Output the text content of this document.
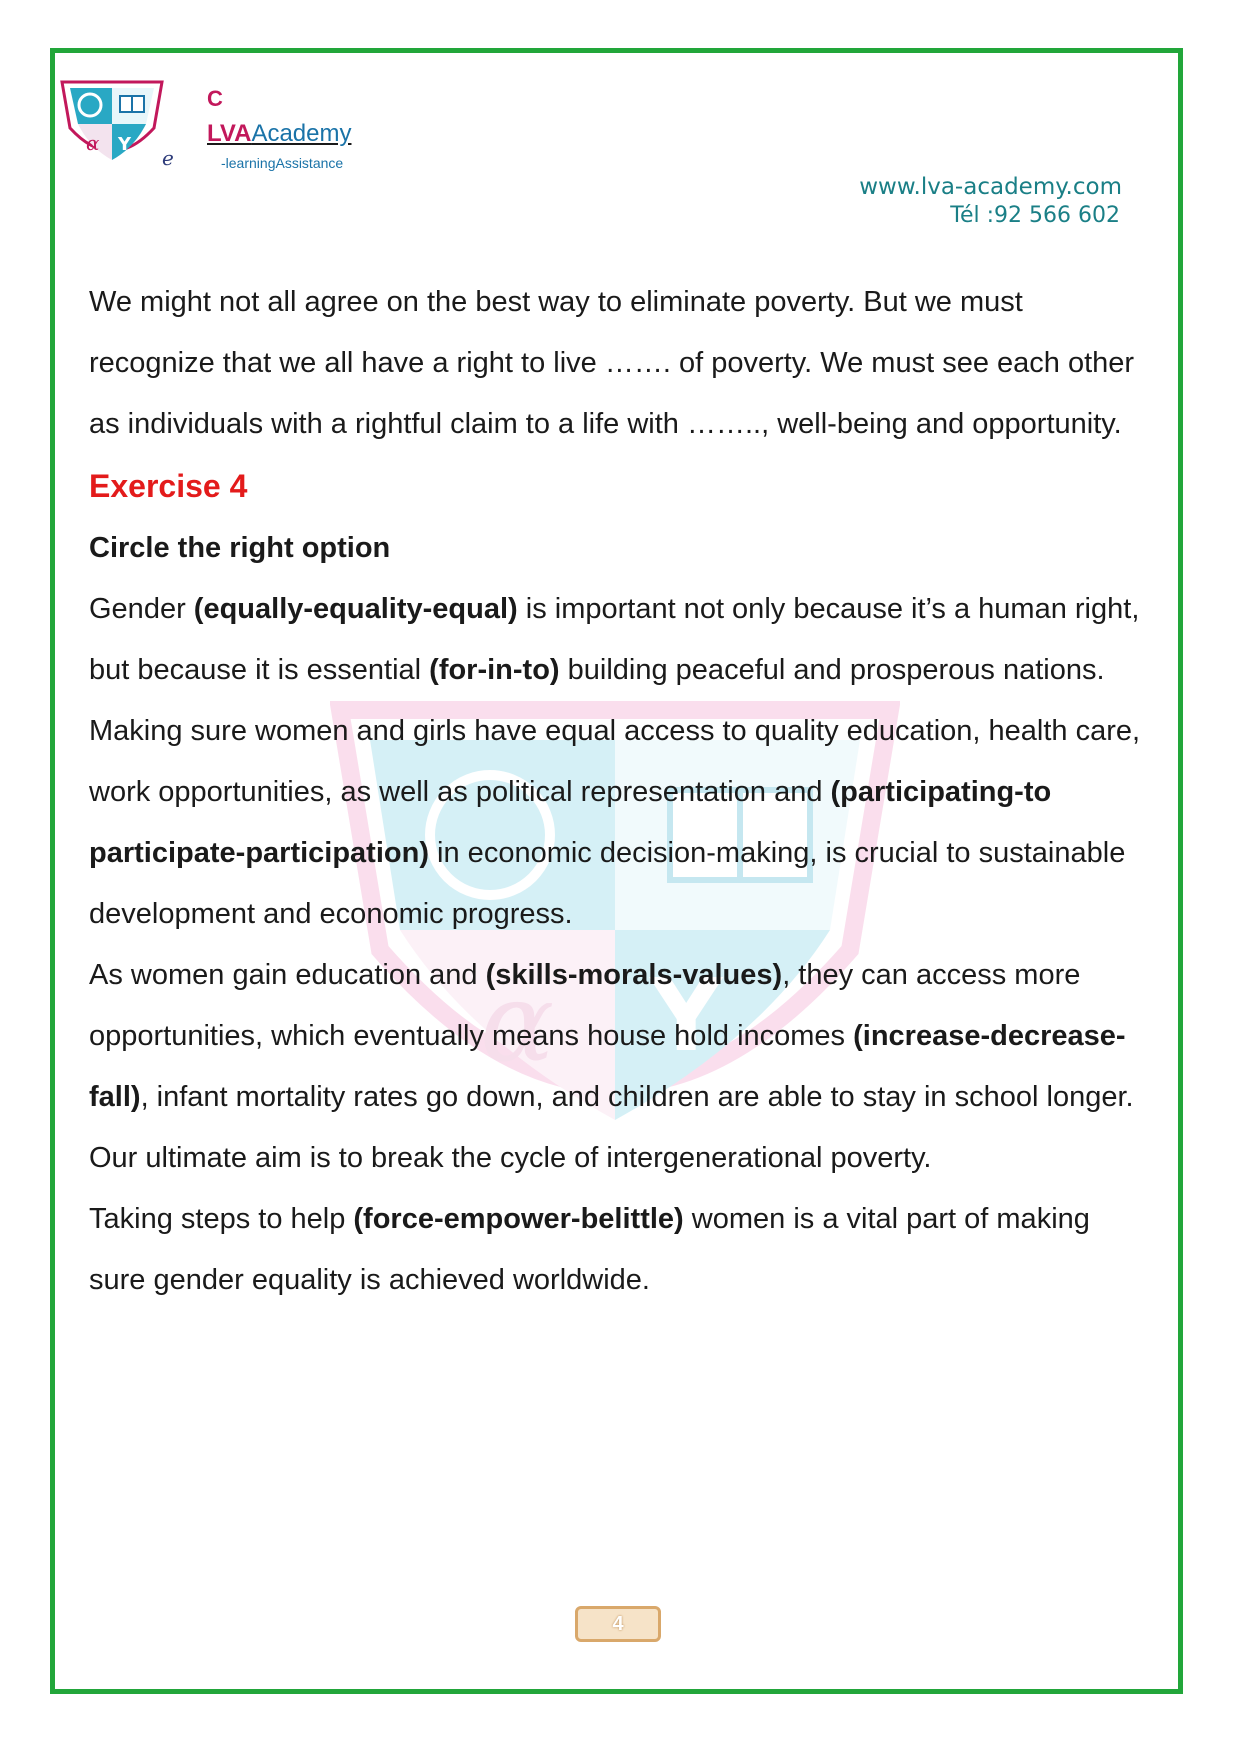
α Y
e
C
LVAAcademy
-learningAssistance
www.lva-academy.com
Tél :92 566 602
α Y

We might not all agree on the best way to eliminate poverty. But we must recognize that we all have a right to live ……. of poverty. We must see each other as individuals with a rightful claim to a life with …….., well-being and opportunity.

Exercise 4
Circle the right option

Gender (equally-equality-equal) is important not only because it’s a human right, but because it is essential (for-in-to) building peaceful and prosperous nations. Making sure women and girls have equal access to quality education, health care, work opportunities, as well as political representation and (participating-to participate-participation) in economic decision-making, is crucial to sustainable development and economic progress.

As women gain education and (skills-morals-values), they can access more opportunities, which eventually means house hold incomes (increase-decrease-fall), infant mortality rates go down, and children are able to stay in school longer. Our ultimate aim is to break the cycle of intergenerational poverty.

Taking steps to help (force-empower-belittle) women is a vital part of making sure gender equality is achieved worldwide.

4
